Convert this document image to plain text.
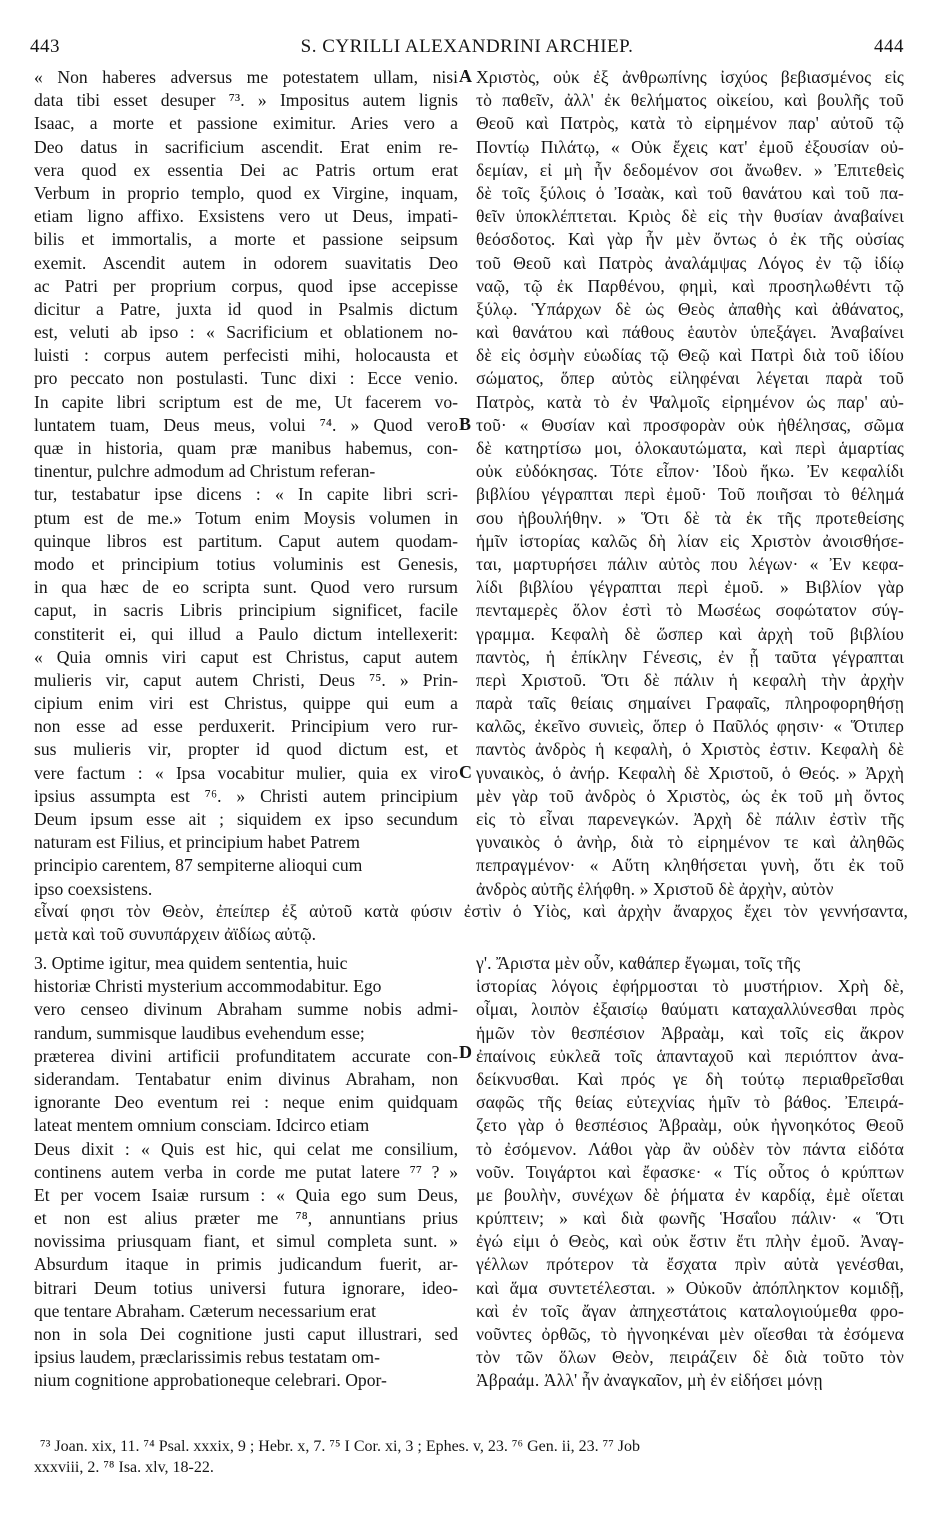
443	S. CYRILLI ALEXANDRINI ARCHIEP.	444
« Non haberes adversus me potestatem ullam, nisi
data tibi esset desuper ⁷³. » Impositus autem lignis
Isaac, a morte et passione eximitur. Aries vero a
Deo datus in sacrificium ascendit. Erat enim re-
vera quod ex essentia Dei ac Patris ortum erat
Verbum in proprio templo, quod ex Virgine, inquam,
etiam ligno affixo. Exsistens vero ut Deus, impati-
bilis et immortalis, a morte et passione seipsum
exemit. Ascendit autem in odorem suavitatis Deo
ac Patri per proprium corpus, quod ipse accepisse
dicitur a Patre, juxta id quod in Psalmis dictum
est, veluti ab ipso : « Sacrificium et oblationem no-
luisti : corpus autem perfecisti mihi, holocausta et
pro peccato non postulasti. Tunc dixi : Ecce venio.
In capite libri scriptum est de me, Ut facerem vo-
luntatem tuam, Deus meus, volui ⁷⁴. » Quod vero
quæ in historia, quam præ manibus habemus, con-
tinentur, pulchre admodum ad Christum referan-
tur, testabatur ipse dicens : « In capite libri scri-
ptum est de me.» Totum enim Moysis volumen in
quinque libros est partitum. Caput autem quodam-
modo et principium totius voluminis est Genesis,
in qua hæc de eo scripta sunt. Quod vero rursum
caput, in sacris Libris principium significet, facile
constiterit ei, qui illud a Paulo dictum intellexerit:
« Quia omnis viri caput est Christus, caput autem
mulieris vir, caput autem Christi, Deus ⁷⁵. » Prin-
cipium enim viri est Christus, quippe qui eum a
non esse ad esse perduxerit. Principium vero rur-
sus mulieris vir, propter id quod dictum est, et
vere factum : « Ipsa vocabitur mulier, quia ex viro
ipsius assumpta est ⁷⁶. » Christi autem principium
Deum ipsum esse ait ; siquidem ex ipso secundum
naturam est Filius, et principium habet Patrem
principio carentem, 87 sempiterne alioqui cum
ipso coexsistens.
Χριστὸς, οὐκ ἐξ ἀνθρωπίνης ἰσχύος βεβιασμένος εἰς
τὸ παθεῖν, ἀλλ' ἐκ θελήματος οἰκείου, καὶ βουλῆς τοῦ
Θεοῦ καὶ Πατρὸς, κατὰ τὸ εἰρημένον παρ' αὐτοῦ τῷ
Ποντίῳ Πιλάτῳ, « Οὐκ ἔχεις κατ' ἐμοῦ ἐξουσίαν οὐ-
δεμίαν, εἰ μὴ ἦν δεδομένον σοι ἄνωθεν. » Ἐπιτεθεὶς
δὲ τοῖς ξύλοις ὁ Ἰσαὰκ, καὶ τοῦ θανάτου καὶ τοῦ πα-
θεῖν ὑποκλέπτεται. Κριὸς δὲ εἰς τὴν θυσίαν ἀναβαίνει
θεόσδοτος. Καὶ γὰρ ἦν μὲν ὄντως ὁ ἐκ τῆς οὐσίας
τοῦ Θεοῦ καὶ Πατρὸς ἀναλάμψας Λόγος ἐν τῷ ἰδίῳ
ναῷ, τῷ ἐκ Παρθένου, φημὶ, καὶ προσηλωθέντι τῷ
ξύλῳ. Ὑπάρχων δὲ ὡς Θεὸς ἀπαθὴς καὶ ἀθάνατος,
καὶ θανάτου καὶ πάθους ἑαυτὸν ὑπεξάγει. Ἀναβαίνει
δὲ εἰς ὀσμὴν εὐωδίας τῷ Θεῷ καὶ Πατρὶ διὰ τοῦ ἰδίου
σώματος, ὅπερ αὐτὸς εἰληφέναι λέγεται παρὰ τοῦ
Πατρὸς, κατὰ τὸ ἐν Ψαλμοῖς εἰρημένον ὡς παρ' αὐ-
τοῦ· « Θυσίαν καὶ προσφορὰν οὐκ ἠθέλησας, σῶμα
δὲ κατηρτίσω μοι, ὁλοκαυτώματα, καὶ περὶ ἁμαρτίας
οὐκ εὐδόκησας. Τότε εἶπον· Ἰδοὺ ἥκω. Ἐν κεφαλίδι
βιβλίου γέγραπται περὶ ἐμοῦ· Τοῦ ποιῆσαι τὸ θέλημά
σου ἠβουλήθην. » Ὅτι δὲ τὰ ἐκ τῆς προτεθείσης
ἡμῖν ἱστορίας καλῶς δὴ λίαν εἰς Χριστὸν ἀνοισθήσε-
ται, μαρτυρήσει πάλιν αὐτὸς που λέγων· « Ἐν κεφα-
λίδι βιβλίου γέγραπται περὶ ἐμοῦ. » Βιβλίον γὰρ
πενταμερὲς ὅλον ἐστὶ τὸ Μωσέως σοφώτατον σύγ-
γραμμα. Κεφαλὴ δὲ ὥσπερ καὶ ἀρχὴ τοῦ βιβλίου
παντὸς, ἡ ἐπίκλην Γένεσις, ἐν ᾗ ταῦτα γέγραπται
περὶ Χριστοῦ. Ὅτι δὲ πάλιν ἡ κεφαλὴ τὴν ἀρχὴν
παρὰ ταῖς θείαις σημαίνει Γραφαῖς, πληροφορηθήσῃ
καλῶς, ἐκεῖνο συνιεὶς, ὅπερ ὁ Παῦλός φησιν· « Ὅτιπερ
παντὸς ἀνδρὸς ἡ κεφαλὴ, ὁ Χριστὸς ἐστιν. Κεφαλὴ δὲ
γυναικὸς, ὁ ἀνήρ. Κεφαλὴ δὲ Χριστοῦ, ὁ Θεός. » Ἀρχὴ
μὲν γὰρ τοῦ ἀνδρὸς ὁ Χριστὸς, ὡς ἐκ τοῦ μὴ ὄντος
εἰς τὸ εἶναι παρενεγκών. Ἀρχὴ δὲ πάλιν ἐστὶν τῆς
γυναικὸς ὁ ἀνὴρ, διὰ τὸ εἰρημένον τε καὶ ἀληθῶς
πεπραγμένον· « Αὕτη κληθήσεται γυνὴ, ὅτι ἐκ τοῦ
ἀνδρὸς αὐτῆς ἐλήφθη. » Χριστοῦ δὲ ἀρχὴν, αὐτὸν
εἶναί φησι τὸν Θεὸν, ἐπείπερ ἐξ αὐτοῦ κατὰ φύσιν ἐστὶν ὁ Υἱὸς, καὶ ἀρχὴν ἄναρχος ἔχει τὸν γεννήσαντα,
μετὰ καὶ τοῦ συνυπάρχειν ἀϊδίως αὐτῷ.
3. Optime igitur, mea quidem sententia, huic
historiæ Christi mysterium accommodabitur. Ego
vero censeo divinum Abraham summe nobis admi-
randum, summisque laudibus evehendum esse;
præterea divini artificii profunditatem accurate con-
siderandam. Tentabatur enim divinus Abraham, non
ignorante Deo eventum rei : neque enim quidquam
lateat mentem omnium consciam. Idcirco etiam
Deus dixit : « Quis est hic, qui celat me consilium,
continens autem verba in corde me putat latere ⁷⁷ ? »
Et per vocem Isaiæ rursum : « Quia ego sum Deus,
et non est alius præter me ⁷⁸, annuntians prius
novissima priusquam fiant, et simul completa sunt. »
Absurdum itaque in primis judicandum fuerit, ar-
bitrari Deum totius universi futura ignorare, ideo-
que tentare Abraham. Cæterum necessarium erat
non in sola Dei cognitione justi caput illustrari, sed
ipsius laudem, præclarissimis rebus testatam om-
nium cognitione approbationeque celebrari. Opor-
γ'. Ἄριστα μὲν οὖν, καθάπερ ἔγωμαι, τοῖς τῆς
ἱστορίας λόγοις ἐφήρμοσται τὸ μυστήριον. Χρὴ δὲ,
οἶμαι, λοιπὸν ἐξαισίῳ θαύματι καταχαλλύνεσθαι πρὸς
ἡμῶν τὸν θεσπέσιον Ἀβραὰμ, καὶ τοῖς εἰς ἄκρον
ἐπαίνοις εὐκλεᾶ τοῖς ἁπανταχοῦ καὶ περιόπτον ἀνα-
δείκνυσθαι. Καὶ πρός γε δὴ τούτῳ περιαθρεῖσθαι
σαφῶς τῆς θείας εὐτεχνίας ἡμῖν τὸ βάθος. Ἐπειρά-
ζετο γὰρ ὁ θεσπέσιος Ἀβραὰμ, οὐκ ἠγνοηκότος Θεοῦ
τὸ ἐσόμενον. Λάθοι γὰρ ἂν οὐδὲν τὸν πάντα εἰδότα
νοῦν. Τοιγάρτοι καὶ ἔφασκε· « Τίς οὗτος ὁ κρύπτων
με βουλὴν, συνέχων δὲ ῥήματα ἐν καρδίᾳ, ἐμὲ οἴεται
κρύπτειν; » καὶ διὰ φωνῆς Ἡσαΐου πάλιν· « Ὅτι
ἐγώ εἰμι ὁ Θεὸς, καὶ οὐκ ἔστιν ἔτι πλὴν ἐμοῦ. Ἀναγ-
γέλλων πρότερον τὰ ἔσχατα πρὶν αὐτὰ γενέσθαι,
καὶ ἅμα συντετέλεσται. » Οὐκοῦν ἀπόπληκτον κομιδῇ,
καὶ ἐν τοῖς ἄγαν ἀπηχεστάτοις καταλογιούμεθα φρο-
νοῦντες ὀρθῶς, τὸ ἠγνοηκέναι μὲν οἴεσθαι τὰ ἐσόμενα
τὸν τῶν ὅλων Θεὸν, πειράζειν δὲ διὰ τοῦτο τὸν
Ἀβραάμ. Ἀλλ' ἦν ἀναγκαῖον, μὴ ἐν εἰδήσει μόνῃ
A
B
C
D
⁷³ Joan. xix, 11. ⁷⁴ Psal. xxxix, 9 ; Hebr. x, 7. ⁷⁵ I Cor. xi, 3 ; Ephes. v, 23. ⁷⁶ Gen. ii, 23. ⁷⁷ Job
xxxviii, 2. ⁷⁸ Isa. xlv, 18-22.
